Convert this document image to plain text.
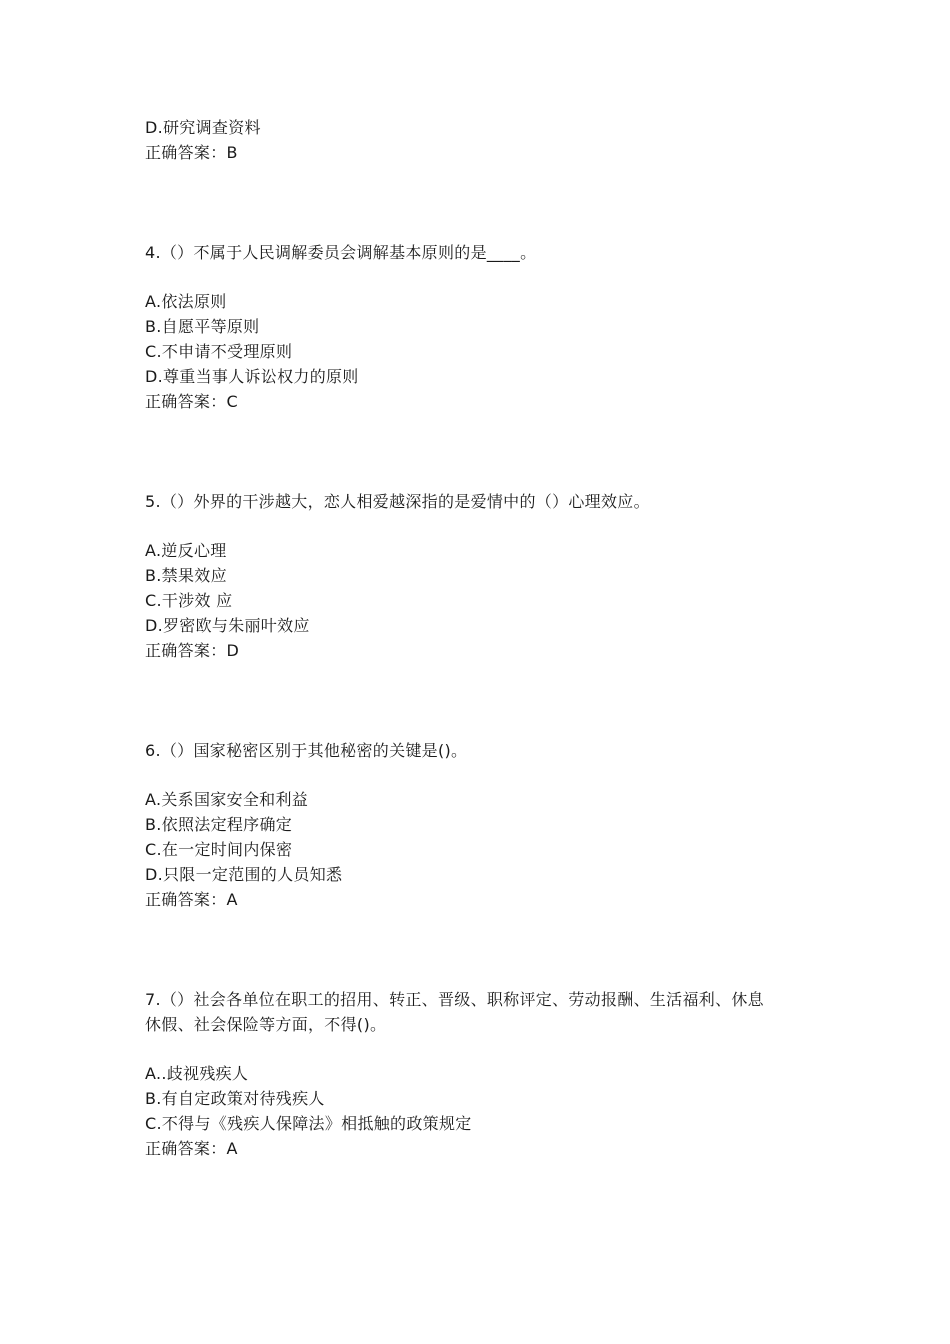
D.研究调查资料
正确答案：B
4.（）不属于人民调解委员会调解基本原则的是____。
A.依法原则
B.自愿平等原则
C.不申请不受理原则
D.尊重当事人诉讼权力的原则
正确答案：C
5.（）外界的干涉越大，恋人相爱越深指的是爱情中的（）心理效应。
A.逆反心理
B.禁果效应
C.干涉效 应
D.罗密欧与朱丽叶效应
正确答案：D
6.（）国家秘密区别于其他秘密的关键是()。
A.关系国家安全和利益
B.依照法定程序确定
C.在一定时间内保密
D.只限一定范围的人员知悉
正确答案：A
7.（）社会各单位在职工的招用、转正、晋级、职称评定、劳动报酬、生活福利、休息
休假、社会保险等方面，不得()。
A..歧视残疾人
B.有自定政策对待残疾人
C.不得与《残疾人保障法》相抵触的政策规定
正确答案：A
